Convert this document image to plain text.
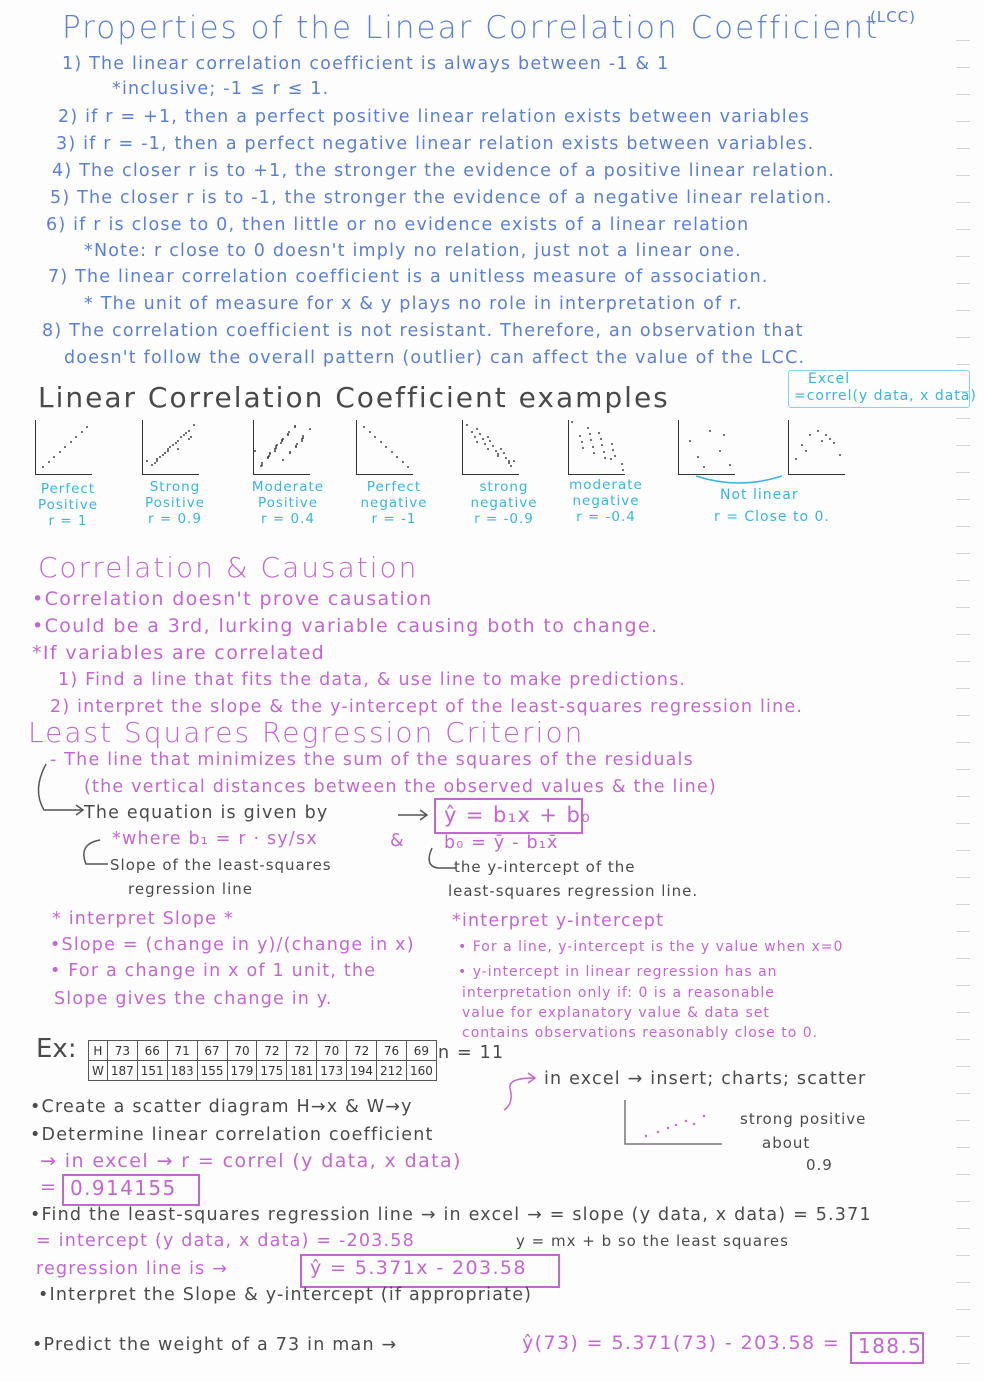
Properties of the Linear Correlation Coefficient
(LCC)
1) The linear correlation coefficient is always between -1 & 1
*inclusive; -1 ≤ r ≤ 1.
2) if r = +1, then a perfect positive linear relation exists between variables
3) if r = -1, then a perfect negative linear relation exists between variables.
4) The closer r is to +1, the stronger the evidence of a positive linear relation.
5) The closer r is to -1, the stronger the evidence of a negative linear relation.
6) if r is close to 0, then little or no evidence exists of a linear relation
*Note: r close to 0 doesn't imply no relation, just not a linear one.
7) The linear correlation coefficient is a unitless measure of association.
* The unit of measure for x & y plays no role in interpretation of r.
8) The correlation coefficient is not resistant. Therefore, an observation that
doesn't follow the overall pattern (outlier) can affect the value of the LCC.
Linear Correlation Coefficient examples
Excel
=correl(y data, x data)
Perfect
Positive
r = 1
Strong
Positive
r = 0.9
Moderate
Positive
r = 0.4
Perfect
negative
r = -1
strong
negative
r = -0.9
moderate
negative
r = -0.4
Not linear
r = Close to 0.
Correlation & Causation
•Correlation doesn't prove causation
•Could be a 3rd, lurking variable causing both to change.
*If variables are correlated
1) Find a line that fits the data, & use line to make predictions.
2) interpret the slope & the y-intercept of the least-squares regression line.
Least Squares Regression Criterion
- The line that minimizes the sum of the squares of the residuals
(the vertical distances between the observed values & the line)
The equation is given by	ŷ = b₁x + b₀
*where b₁ = r · sy/sx	& b₀ = ȳ - b₁x̄
Slope of the least-squares
regression line
the y-intercept of the
least-squares regression line.
* interpret Slope *
•Slope = (change in y)/(change in x)
• For a change in x of 1 unit, the
Slope gives the change in y.
*interpret y-intercept
• For a line, y-intercept is the y value when x=0
• y-intercept in linear regression has an
interpretation only if: 0 is a reasonable
value for explanatory value & data set
contains observations reasonably close to 0.
Ex: H	73	66	71	67	70	72	72	70	72	76	69
W	187	151	183	155	179	175	181	173	194	212	160
n = 11
in excel → insert; charts; scatter
strong positive
about
0.9
•Create a scatter diagram H→x & W→y
•Determine linear correlation coefficient
→ in excel → r = correl (y data, x data)
= 0.914155
•Find the least-squares regression line → in excel → = slope (y data, x data) = 5.371
= intercept (y data, x data) = -203.58	y = mx + b so the least squares
regression line is →	ŷ = 5.371x - 203.58
•Interpret the Slope & y-intercept (if appropriate)
•Predict the weight of a 73 in man →	ŷ(73) = 5.371(73) - 203.58 = 188.5
